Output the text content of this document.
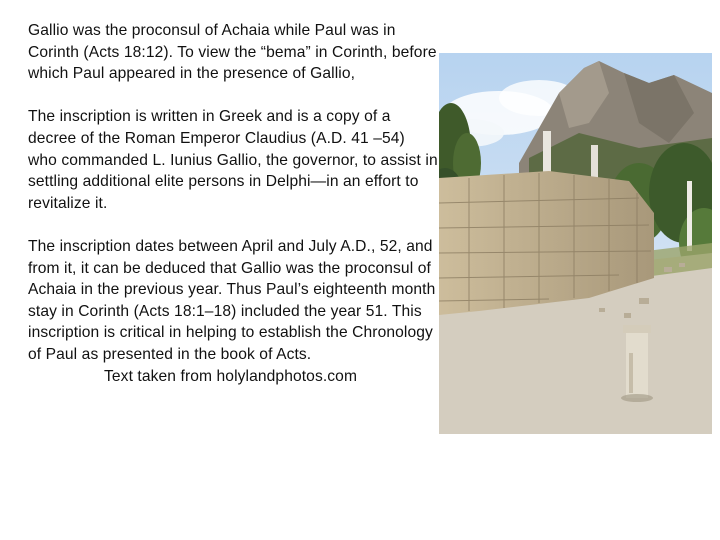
Gallio was the proconsul of Achaia while Paul was in Corinth (Acts 18:12). To view the “bema” in Corinth, before which Paul appeared in the presence of Gallio,

The inscription is written in Greek and is a copy of a decree of the Roman Emperor Claudius (A.D. 41 –54) who commanded L. Iunius Gallio, the governor, to assist in settling additional elite persons in Delphi—in an effort to revitalize it.

The inscription dates between April and July A.D., 52, and from it, it can be deduced that Gallio was the proconsul of Achaia in the previous year. Thus Paul’s eighteenth month stay in Corinth (Acts 18:1–18) included the year 51. This inscription is critical in helping to establish the Chronology of Paul as presented in the book of Acts.

Text taken from holylandphotos.com
